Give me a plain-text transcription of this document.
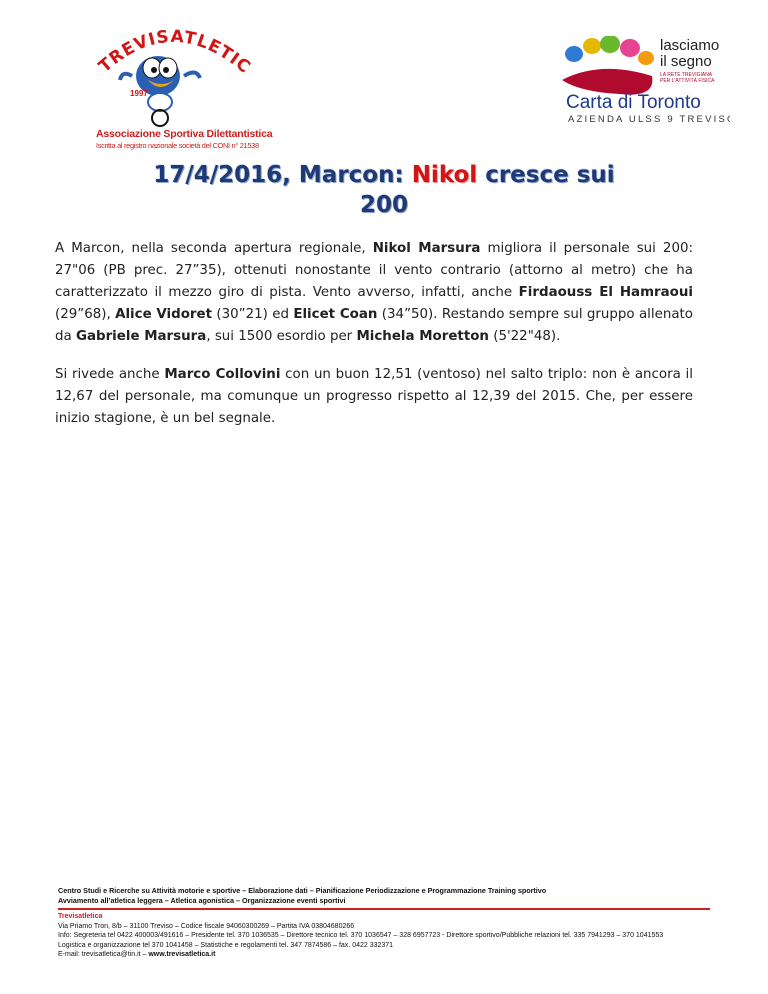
TREVISATLETIC
1997
Associazione Sportiva Dilettantistica
Iscritta al registro nazionale società del CONI n° 21538
lasciamo
il segno
LA RETE TREVIGIANA
PER L'ATTIVITÀ FISICA
Carta di Toronto
AZIENDA ULSS 9 TREVISO
17/4/2016, Marcon: Nikol cresce sui
200
A Marcon, nella seconda apertura regionale, Nikol Marsura migliora il personale sui 200: 27"06 (PB prec. 27”35), ottenuti nonostante il vento contrario (attorno al metro) che ha caratterizzato il mezzo giro di pista. Vento avverso, infatti, anche Firdaouss El Hamraoui (29”68), Alice Vidoret (30”21) ed Elicet Coan (34”50). Restando sempre sul gruppo allenato da Gabriele Marsura, sui 1500 esordio per Michela Moretton (5'22"48).
Si rivede anche Marco Collovini con un buon 12,51 (ventoso) nel salto triplo: non è ancora il 12,67 del personale, ma comunque un progresso rispetto al 12,39 del 2015. Che, per essere inizio stagione, è un bel segnale.
Centro Studi e Ricerche su Attività motorie e sportive – Elaborazione dati – Pianificazione Periodizzazione e Programmazione Training sportivo
Avviamento all’atletica leggera – Atletica agonistica – Organizzazione eventi sportivi
Trevisatletica
Via Priamo Tron, 8/b – 31100 Treviso – Codice fiscale 94060300269 – Partita IVA 03804680266
Info: Segreteria tel 0422 400003/491616 – Presidente tel. 370 1036535 – Direttore tecnico tel. 370 1036547 – 328 6957723 - Direttore sportivo/Pubbliche relazioni tel. 335 7941293 – 370 1041553
Logistica e organizzazione tel 370 1041458 – Statistiche e regolamenti tel. 347 7874586 – fax. 0422 332371
E-mail: trevisatletica@tin.it – www.trevisatletica.it
